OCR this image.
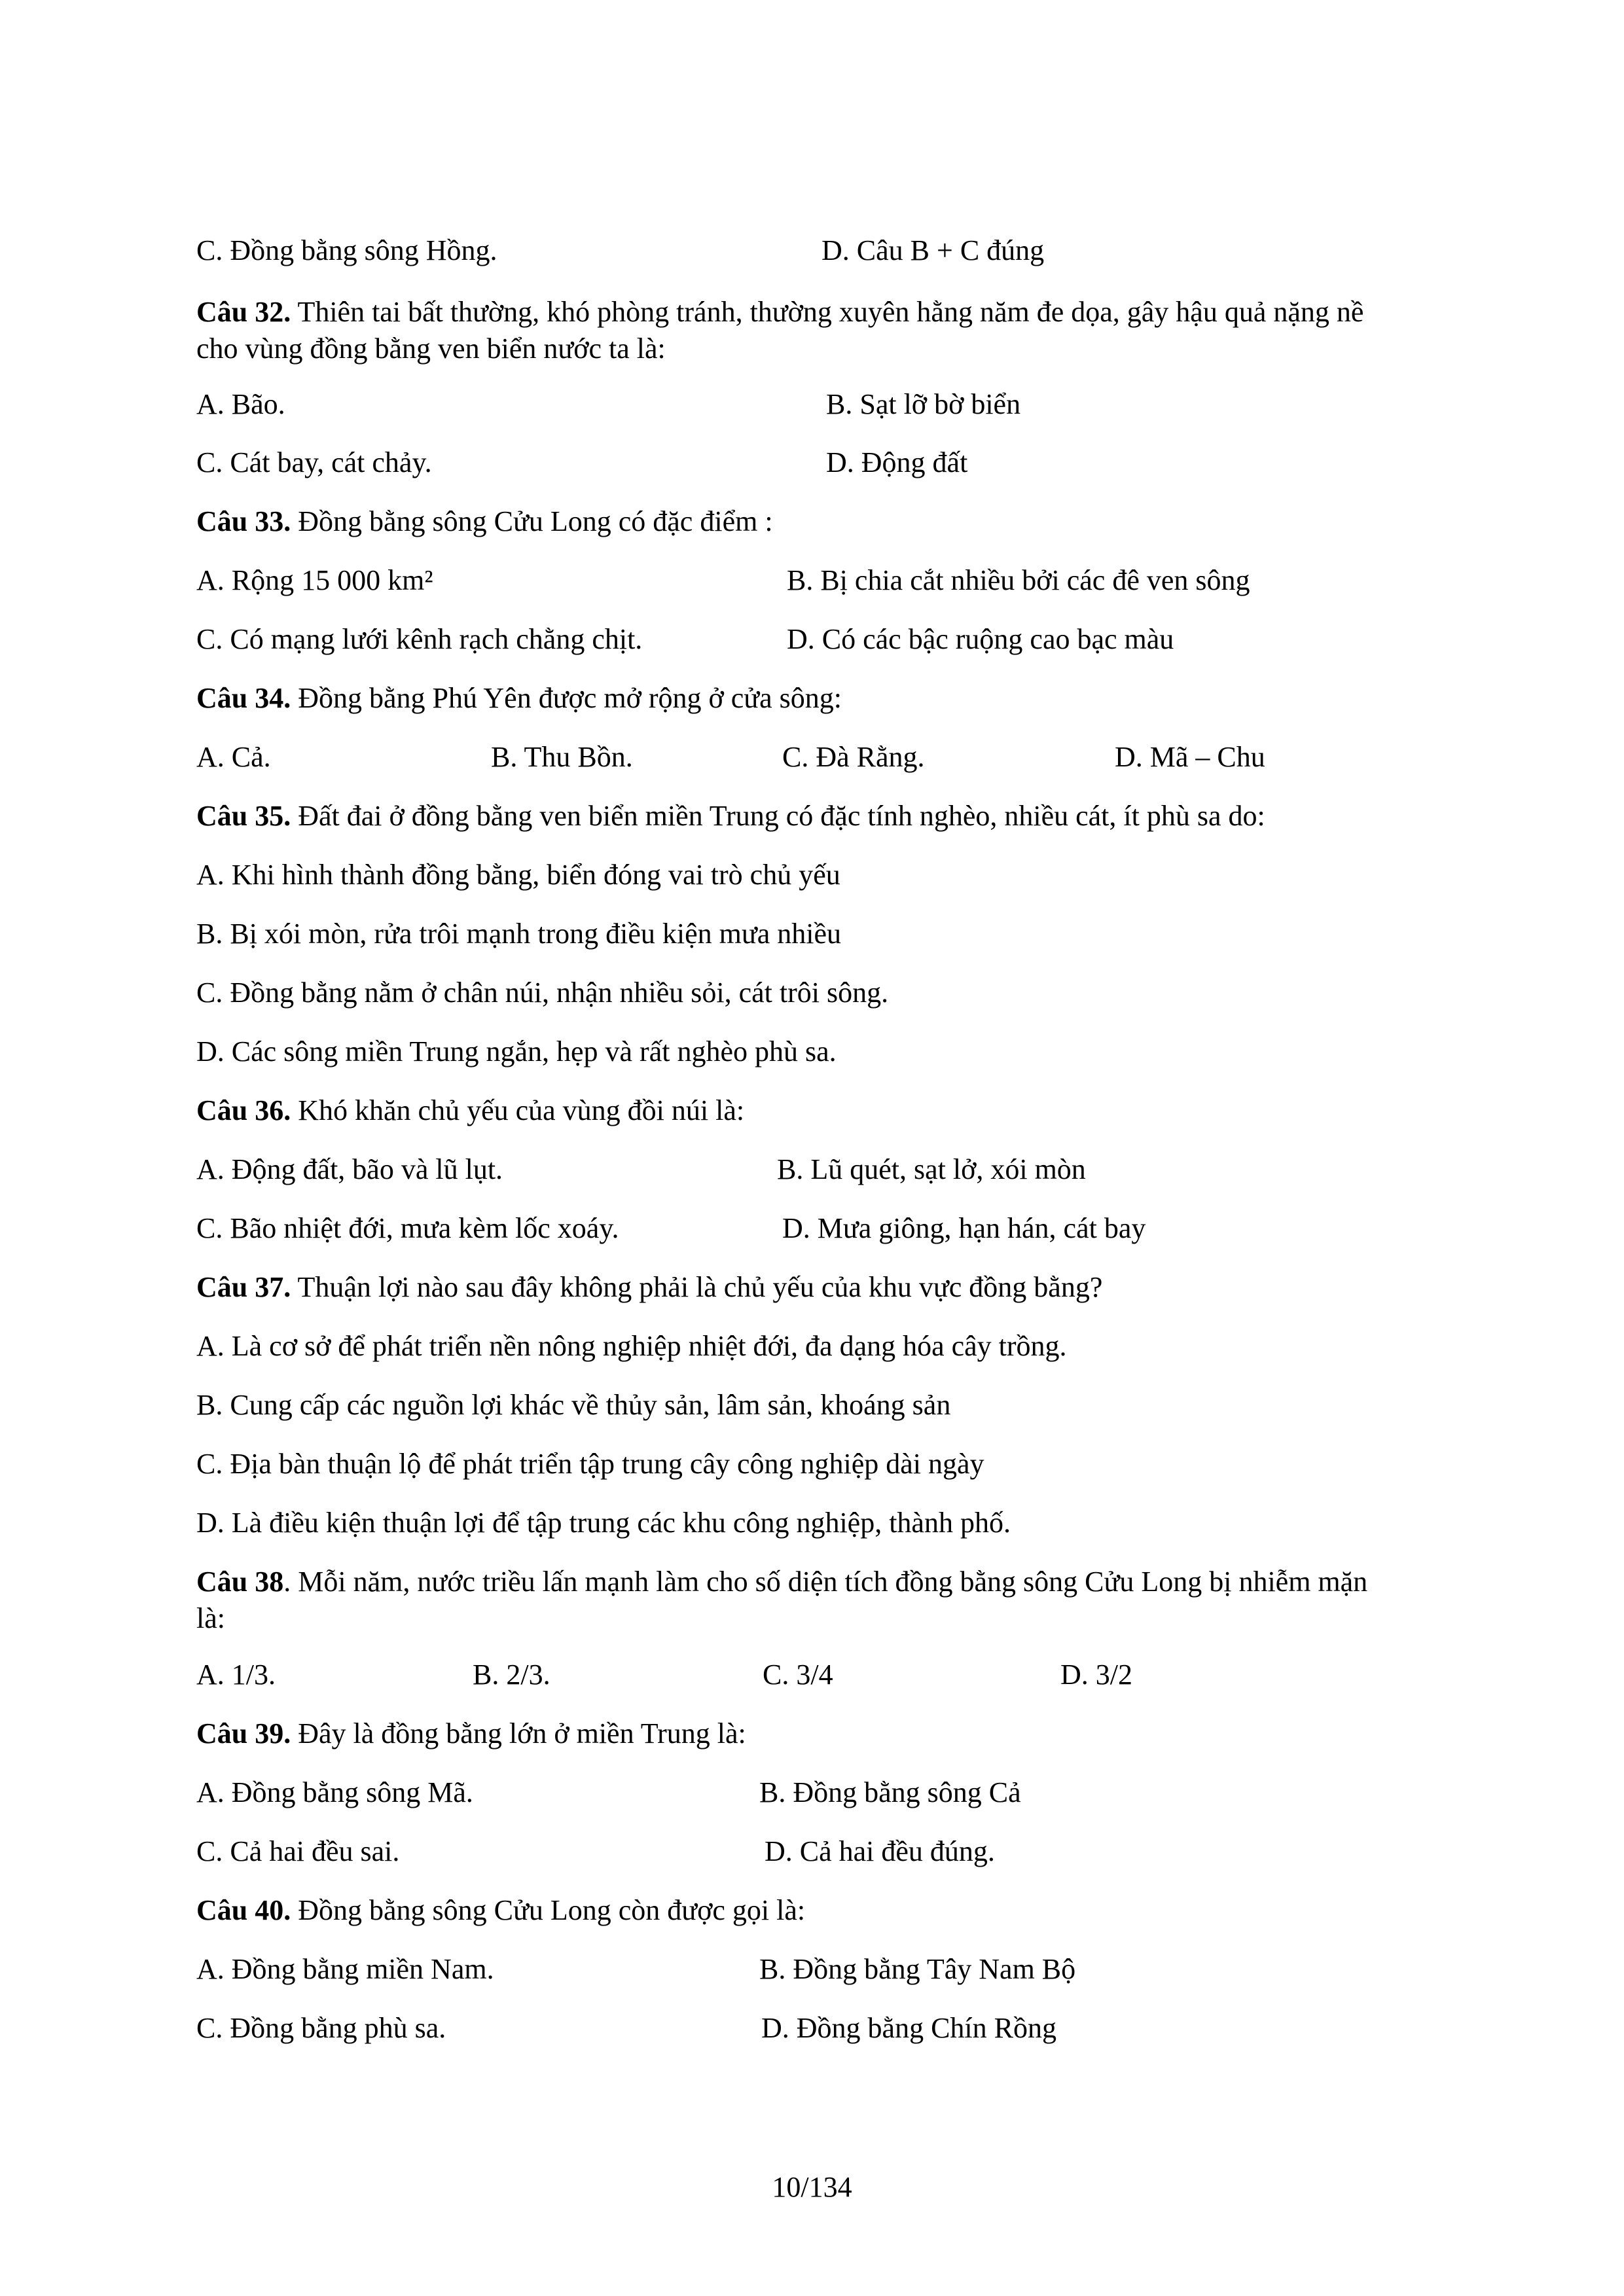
C. Đồng bằng sông Hồng.	D. Câu B + C đúng
Câu 32. Thiên tai bất thường, khó phòng tránh, thường xuyên hằng năm đe dọa, gây hậu quả nặng nề
cho vùng đồng bằng ven biển nước ta là:
A. Bão.	B. Sạt lỡ bờ biển
C. Cát bay, cát chảy.	D. Động đất
Câu 33. Đồng bằng sông Cửu Long có đặc điểm :
A. Rộng 15 000 km²	B. Bị chia cắt nhiều bởi các đê ven sông
C. Có mạng lưới kênh rạch chằng chịt.	D. Có các bậc ruộng cao bạc màu
Câu 34. Đồng bằng Phú Yên được mở rộng ở cửa sông:
A. Cả.	B. Thu Bồn.	C. Đà Rằng.	D. Mã – Chu
Câu 35. Đất đai ở đồng bằng ven biển miền Trung có đặc tính nghèo, nhiều cát, ít phù sa do:
A. Khi hình thành đồng bằng, biển đóng vai trò chủ yếu
B. Bị xói mòn, rửa trôi mạnh trong điều kiện mưa nhiều
C. Đồng bằng nằm ở chân núi, nhận nhiều sỏi, cát trôi sông.
D. Các sông miền Trung ngắn, hẹp và rất nghèo phù sa.
Câu 36. Khó khăn chủ yếu của vùng đồi núi là:
A. Động đất, bão và lũ lụt.	B. Lũ quét, sạt lở, xói mòn
C. Bão nhiệt đới, mưa kèm lốc xoáy.	D. Mưa giông, hạn hán, cát bay
Câu 37. Thuận lợi nào sau đây không phải là chủ yếu của khu vực đồng bằng?
A. Là cơ sở để phát triển nền nông nghiệp nhiệt đới, đa dạng hóa cây trồng.
B. Cung cấp các nguồn lợi khác về thủy sản, lâm sản, khoáng sản
C. Địa bàn thuận lộ để phát triển tập trung cây công nghiệp dài ngày
D. Là điều kiện thuận lợi để tập trung các khu công nghiệp, thành phố.
Câu 38. Mỗi năm, nước triều lấn mạnh làm cho số diện tích đồng bằng sông Cửu Long bị nhiễm mặn
là:
A. 1/3.	B. 2/3.	C. 3/4	D. 3/2
Câu 39. Đây là đồng bằng lớn ở miền Trung là:
A. Đồng bằng sông Mã.	B. Đồng bằng sông Cả
C. Cả hai đều sai.	D. Cả hai đều đúng.
Câu 40. Đồng bằng sông Cửu Long còn được gọi là:
A. Đồng bằng miền Nam.	B. Đồng bằng Tây Nam Bộ
C. Đồng bằng phù sa.	D. Đồng bằng Chín Rồng
10/134
